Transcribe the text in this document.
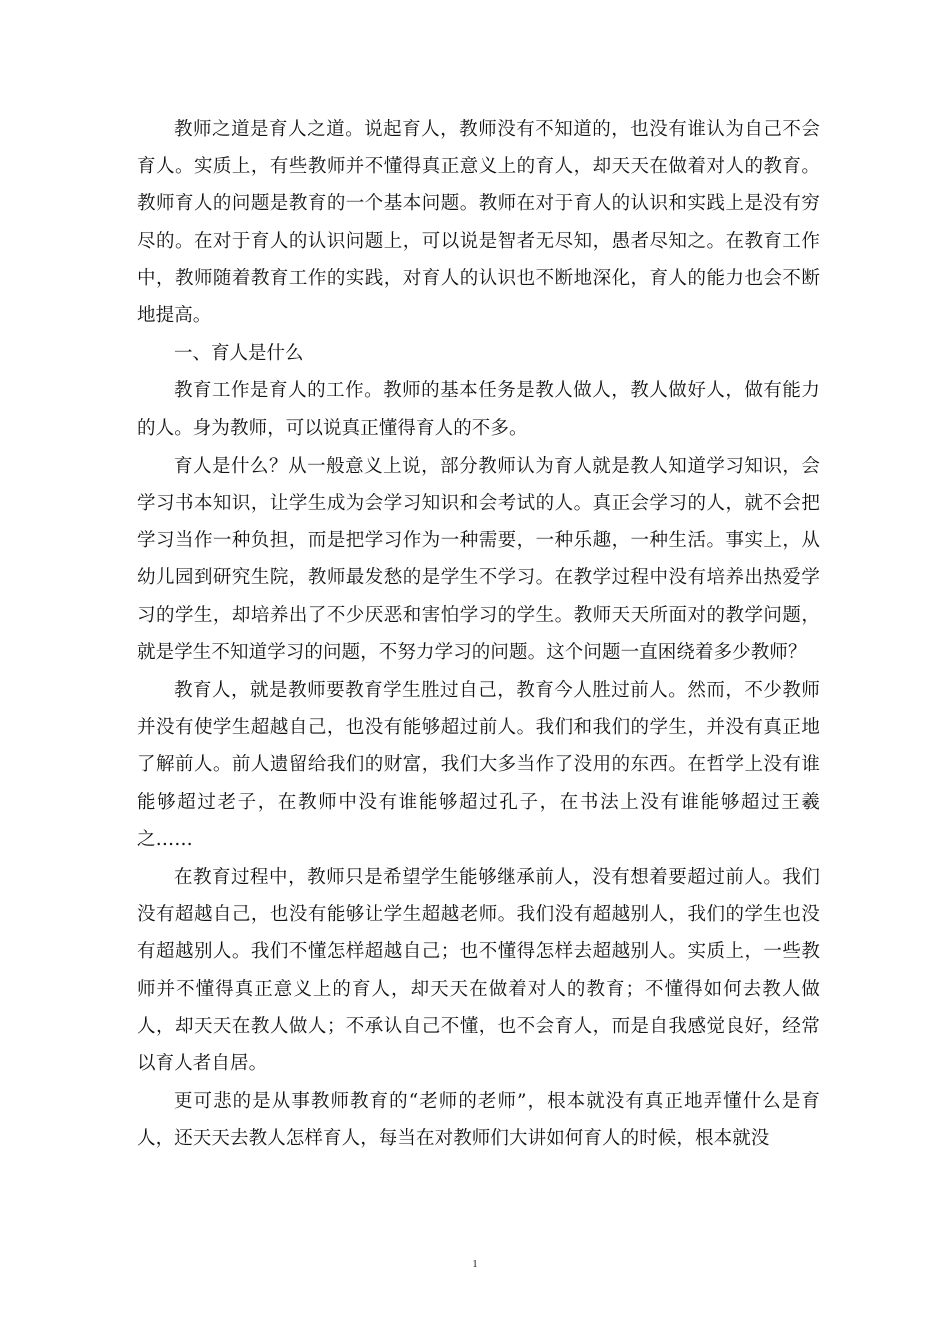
教师之道是育人之道。说起育人，教师没有不知道的，也没有谁认为自己不会育人。实质上，有些教师并不懂得真正意义上的育人，却天天在做着对人的教育。教师育人的问题是教育的一个基本问题。教师在对于育人的认识和实践上是没有穷尽的。在对于育人的认识问题上，可以说是智者无尽知，愚者尽知之。在教育工作中，教师随着教育工作的实践，对育人的认识也不断地深化，育人的能力也会不断地提高。

一、育人是什么

教育工作是育人的工作。教师的基本任务是教人做人，教人做好人，做有能力的人。身为教师，可以说真正懂得育人的不多。

育人是什么？从一般意义上说，部分教师认为育人就是教人知道学习知识，会学习书本知识，让学生成为会学习知识和会考试的人。真正会学习的人，就不会把学习当作一种负担，而是把学习作为一种需要，一种乐趣，一种生活。事实上，从幼儿园到研究生院，教师最发愁的是学生不学习。在教学过程中没有培养出热爱学习的学生，却培养出了不少厌恶和害怕学习的学生。教师天天所面对的教学问题，就是学生不知道学习的问题，不努力学习的问题。这个问题一直困绕着多少教师？

教育人，就是教师要教育学生胜过自己，教育今人胜过前人。然而，不少教师并没有使学生超越自己，也没有能够超过前人。我们和我们的学生，并没有真正地了解前人。前人遗留给我们的财富，我们大多当作了没用的东西。在哲学上没有谁能够超过老子，在教师中没有谁能够超过孔子，在书法上没有谁能够超过王羲之……

在教育过程中，教师只是希望学生能够继承前人，没有想着要超过前人。我们没有超越自己，也没有能够让学生超越老师。我们没有超越别人，我们的学生也没有超越别人。我们不懂怎样超越自己；也不懂得怎样去超越别人。实质上，一些教师并不懂得真正意义上的育人，却天天在做着对人的教育；不懂得如何去教人做人，却天天在教人做人；不承认自己不懂，也不会育人，而是自我感觉良好，经常以育人者自居。

更可悲的是从事教师教育的“老师的老师”，根本就没有真正地弄懂什么是育人，还天天去教人怎样育人，每当在对教师们大讲如何育人的时候，根本就没

1
